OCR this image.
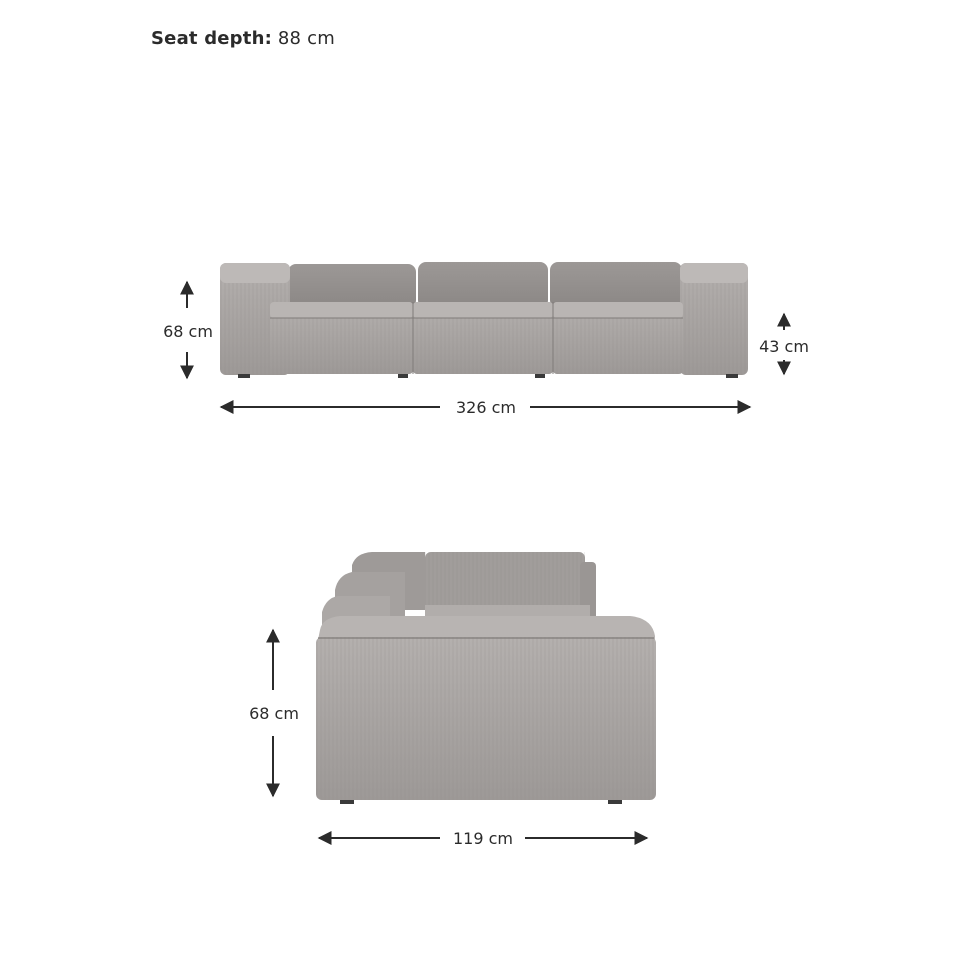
Seat depth: 88 cm
68 cm
43 cm
326 cm
68 cm
119 cm
